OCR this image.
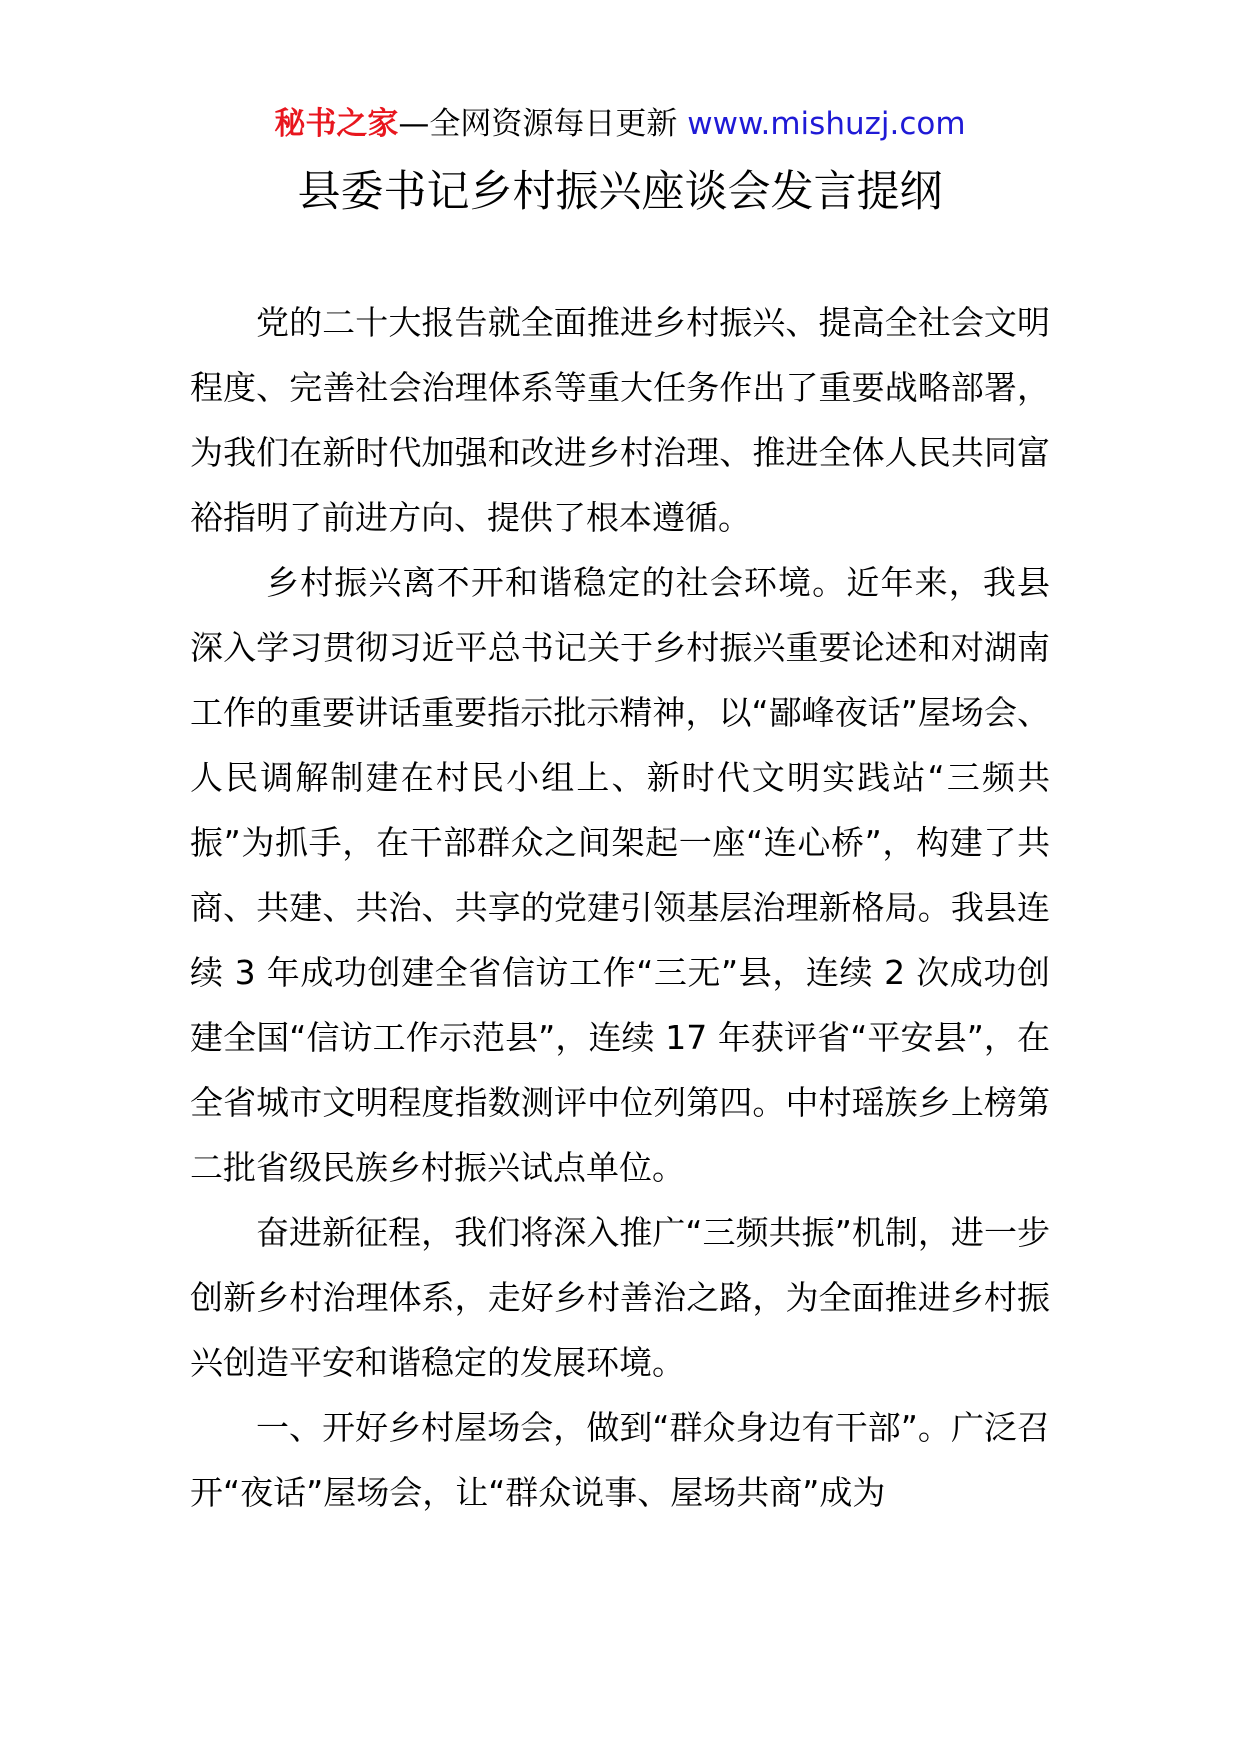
秘书之家—全网资源每日更新 www.mishuzj.com
县委书记乡村振兴座谈会发言提纲

党的二十大报告就全面推进乡村振兴、提高全社会文明程度、完善社会治理体系等重大任务作出了重要战略部署，为我们在新时代加强和改进乡村治理、推进全体人民共同富裕指明了前进方向、提供了根本遵循。

乡村振兴离不开和谐稳定的社会环境。近年来，我县深入学习贯彻习近平总书记关于乡村振兴重要论述和对湖南工作的重要讲话重要指示批示精神，以“鄙峰夜话”屋场会、人民调解制建在村民小组上、新时代文明实践站“三频共振”为抓手，在干部群众之间架起一座“连心桥”，构建了共商、共建、共治、共享的党建引领基层治理新格局。我县连续 3 年成功创建全省信访工作“三无”县，连续 2 次成功创建全国“信访工作示范县”，连续 17 年获评省“平安县”，在全省城市文明程度指数测评中位列第四。中村瑶族乡上榜第二批省级民族乡村振兴试点单位。

奋进新征程，我们将深入推广“三频共振”机制，进一步创新乡村治理体系，走好乡村善治之路，为全面推进乡村振兴创造平安和谐稳定的发展环境。

一、开好乡村屋场会，做到“群众身边有干部”。广泛召开“夜话”屋场会，让“群众说事、屋场共商”成为
